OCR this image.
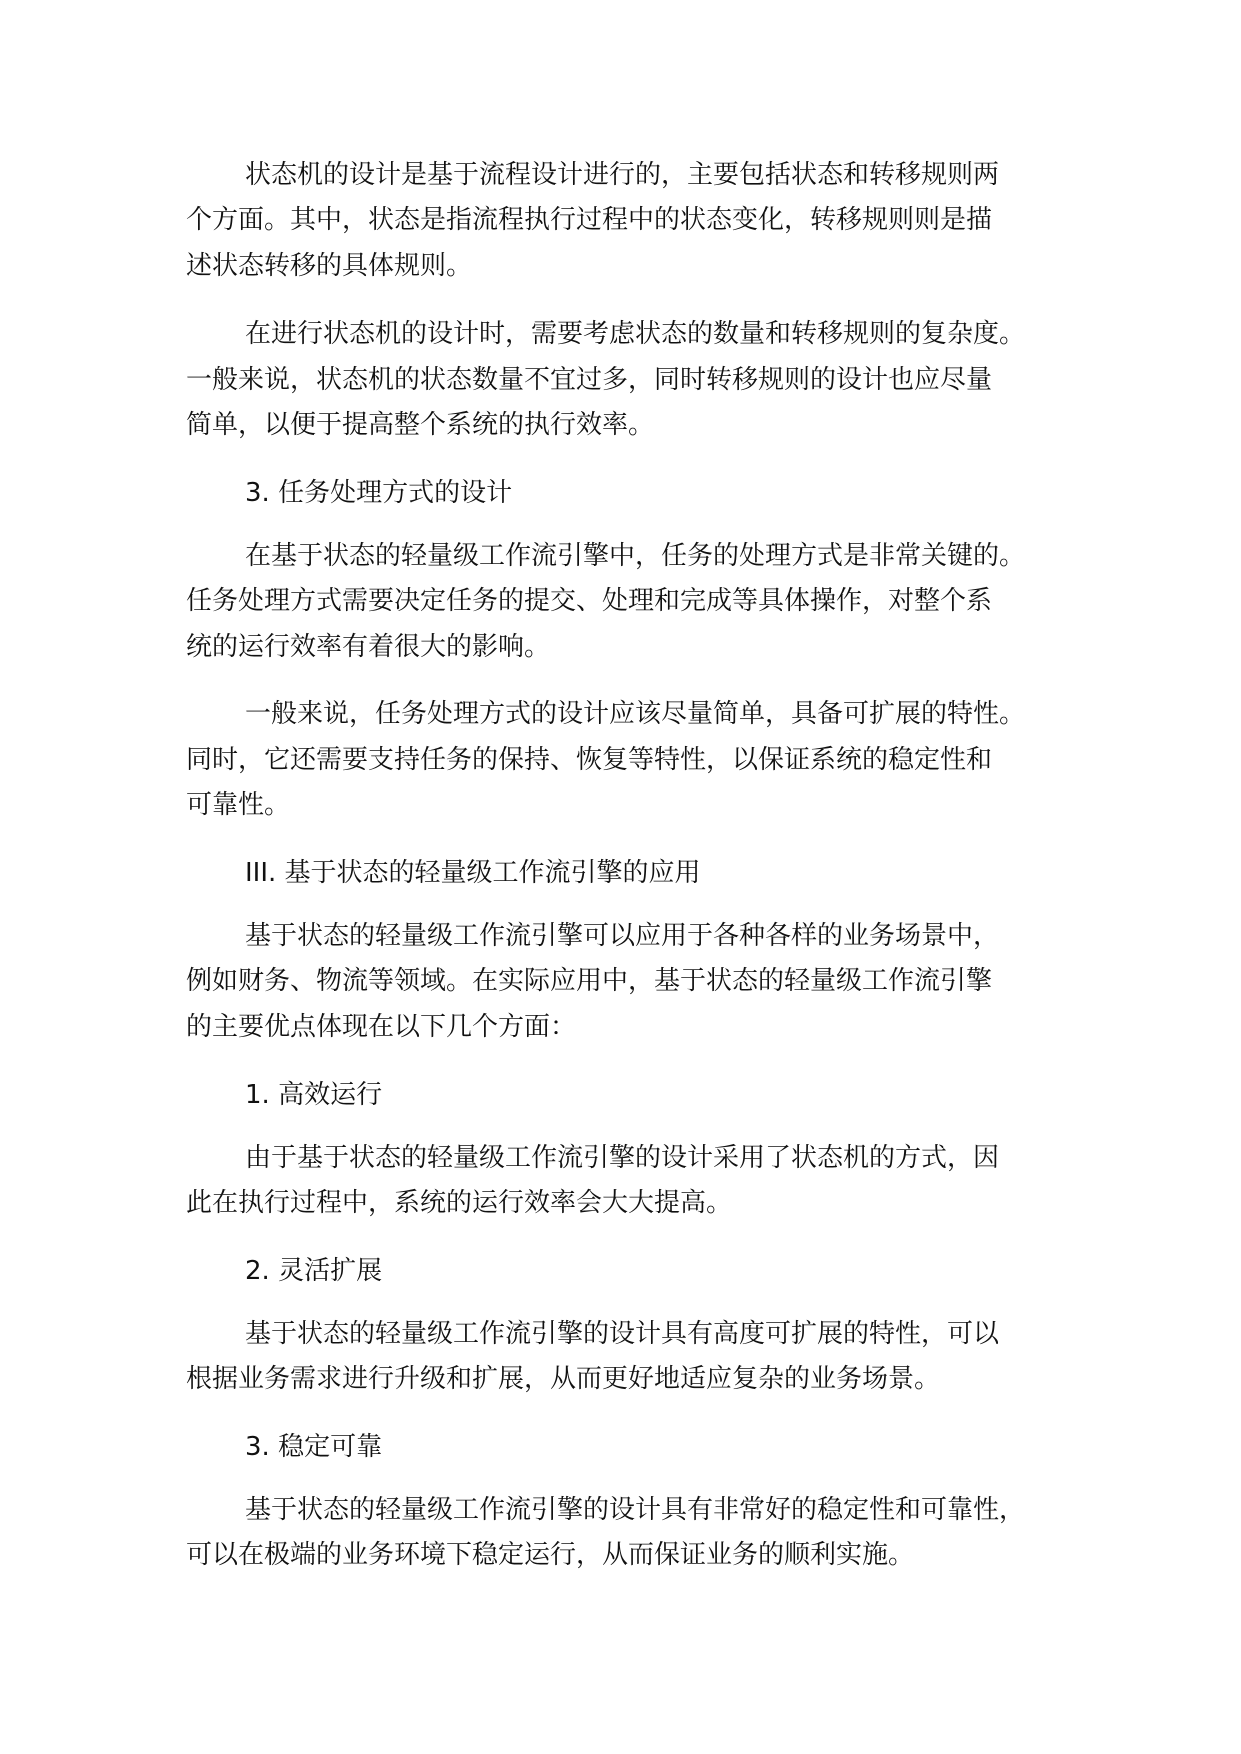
状态机的设计是基于流程设计进行的，主要包括状态和转移规则两
个方面。其中，状态是指流程执行过程中的状态变化，转移规则则是描
述状态转移的具体规则。
在进行状态机的设计时，需要考虑状态的数量和转移规则的复杂度。
一般来说，状态机的状态数量不宜过多，同时转移规则的设计也应尽量
简单，以便于提高整个系统的执行效率。
3. 任务处理方式的设计
在基于状态的轻量级工作流引擎中，任务的处理方式是非常关键的。
任务处理方式需要决定任务的提交、处理和完成等具体操作，对整个系
统的运行效率有着很大的影响。
一般来说，任务处理方式的设计应该尽量简单，具备可扩展的特性。
同时，它还需要支持任务的保持、恢复等特性，以保证系统的稳定性和
可靠性。
III. 基于状态的轻量级工作流引擎的应用
基于状态的轻量级工作流引擎可以应用于各种各样的业务场景中，
例如财务、物流等领域。在实际应用中，基于状态的轻量级工作流引擎
的主要优点体现在以下几个方面：
1. 高效运行
由于基于状态的轻量级工作流引擎的设计采用了状态机的方式，因
此在执行过程中，系统的运行效率会大大提高。
2. 灵活扩展
基于状态的轻量级工作流引擎的设计具有高度可扩展的特性，可以
根据业务需求进行升级和扩展，从而更好地适应复杂的业务场景。
3. 稳定可靠
基于状态的轻量级工作流引擎的设计具有非常好的稳定性和可靠性，
可以在极端的业务环境下稳定运行，从而保证业务的顺利实施。
